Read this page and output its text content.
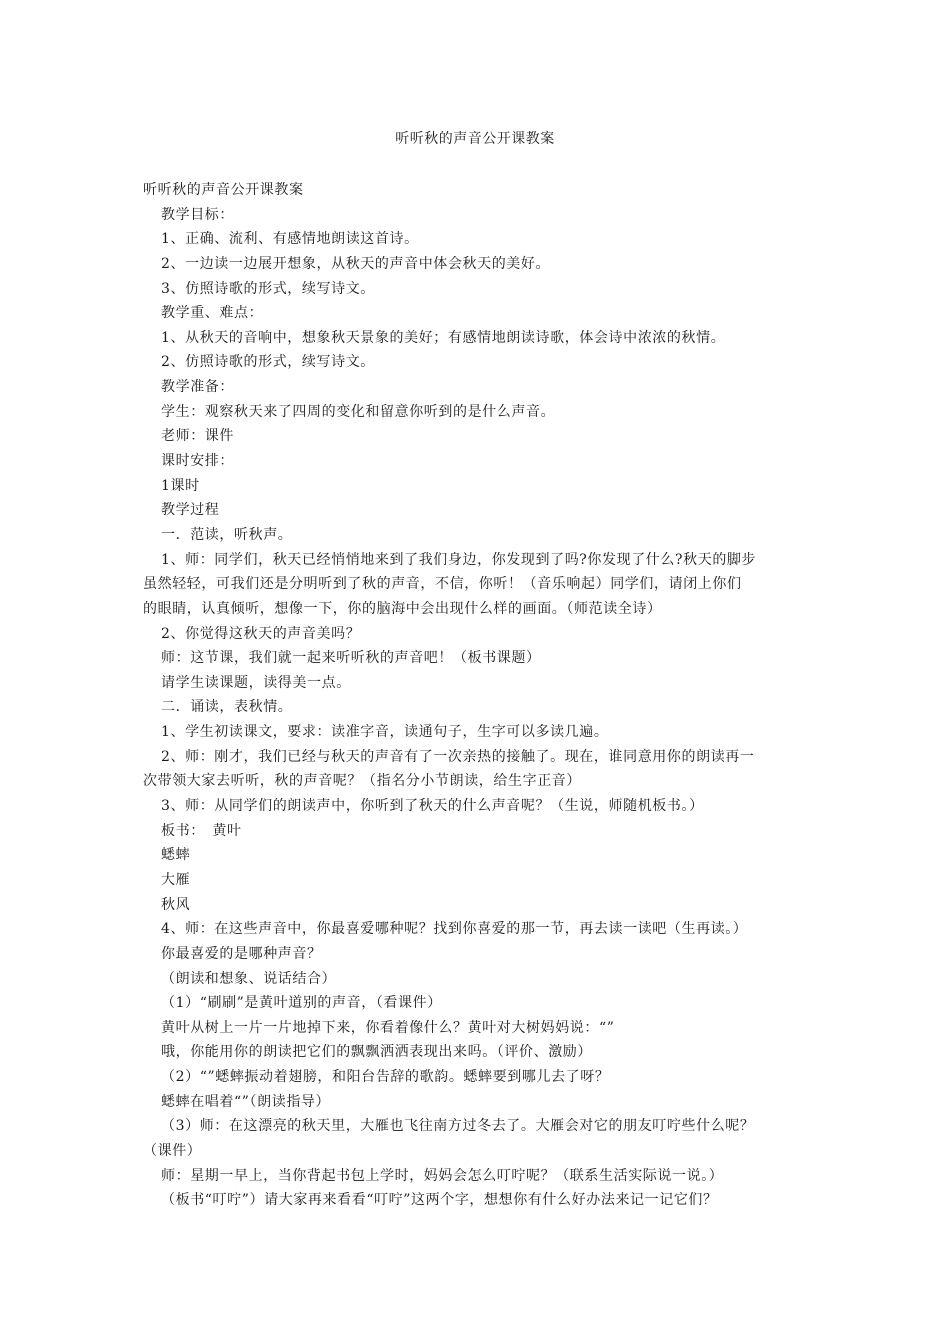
听听秋的声音公开课教案
听听秋的声音公开课教案
教学目标：
1、正确、流利、有感情地朗读这首诗。
2、一边读一边展开想象，从秋天的声音中体会秋天的美好。
3、仿照诗歌的形式，续写诗文。
教学重、难点：
1、从秋天的音响中，想象秋天景象的美好；有感情地朗读诗歌，体会诗中浓浓的秋情。
2、仿照诗歌的形式，续写诗文。
教学准备：
学生：观察秋天来了四周的变化和留意你听到的是什么声音。
老师：课件
课时安排：
1课时
教学过程
一．范读，听秋声。
1、师：同学们，秋天已经悄悄地来到了我们身边，你发现到了吗?你发现了什么?秋天的脚步
虽然轻轻，可我们还是分明听到了秋的声音，不信，你听！（音乐响起）同学们，请闭上你们
的眼睛，认真倾听，想像一下，你的脑海中会出现什么样的画面。（师范读全诗）
2、你觉得这秋天的声音美吗？
师：这节课，我们就一起来听听秋的声音吧！（板书课题）
请学生读课题，读得美一点。
二．诵读，表秋情。
1、学生初读课文，要求：读准字音，读通句子，生字可以多读几遍。
2、师：刚才，我们已经与秋天的声音有了一次亲热的接触了。现在，谁同意用你的朗读再一
次带领大家去听听，秋的声音呢？（指名分小节朗读，给生字正音）
3、师：从同学们的朗读声中，你听到了秋天的什么声音呢？（生说，师随机板书。）
板书：　黄叶
蟋蟀
大雁
秋风
4、师：在这些声音中，你最喜爱哪种呢？找到你喜爱的那一节，再去读一读吧（生再读。）
你最喜爱的是哪种声音？
（朗读和想象、说话结合）
（1）“刷刷”是黄叶道别的声音，（看课件）
黄叶从树上一片一片地掉下来，你看着像什么？黄叶对大树妈妈说：“”
哦，你能用你的朗读把它们的飘飘洒洒表现出来吗。（评价、激励）
（2）“”蟋蟀振动着翅膀，和阳台告辞的歌韵。蟋蟀要到哪儿去了呀？
蟋蟀在唱着“”（朗读指导）
（3）师：在这漂亮的秋天里，大雁也飞往南方过冬去了。大雁会对它的朋友叮咛些什么呢？
（课件）
师：星期一早上，当你背起书包上学时，妈妈会怎么叮咛呢？（联系生活实际说一说。）
（板书“叮咛”）请大家再来看看“叮咛”这两个字，想想你有什么好办法来记一记它们？
